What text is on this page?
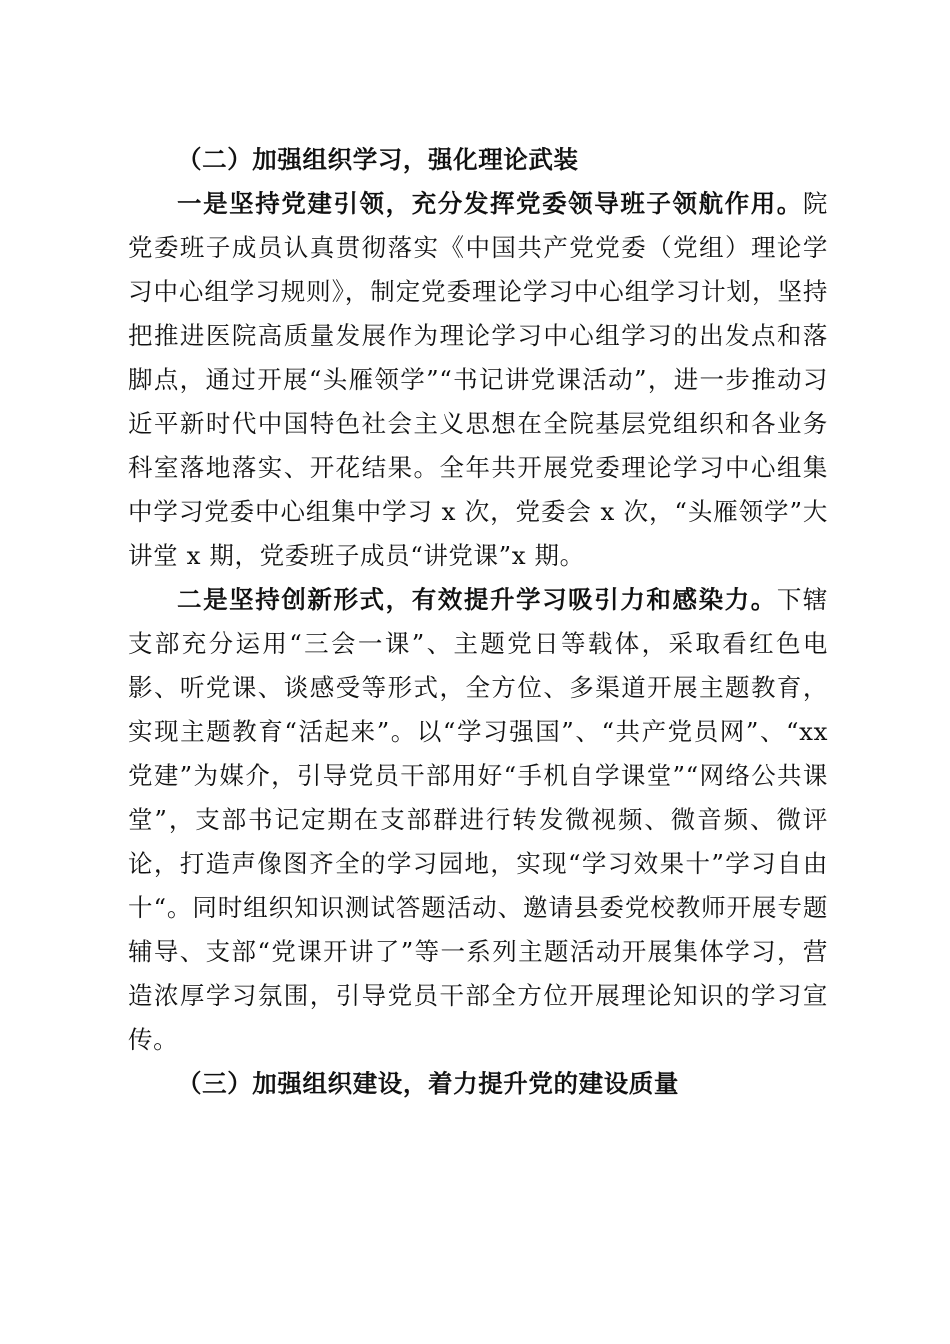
（二）加强组织学习，强化理论武装

一是坚持党建引领，充分发挥党委领导班子领航作用。院党委班子成员认真贯彻落实《中国共产党党委（党组）理论学习中心组学习规则》，制定党委理论学习中心组学习计划，坚持把推进医院高质量发展作为理论学习中心组学习的出发点和落脚点，通过开展“头雁领学”“书记讲党课活动”，进一步推动习近平新时代中国特色社会主义思想在全院基层党组织和各业务科室落地落实、开花结果。全年共开展党委理论学习中心组集中学习党委中心组集中学习 x 次，党委会 x 次，“头雁领学”大讲堂 x 期，党委班子成员“讲党课”x 期。

二是坚持创新形式，有效提升学习吸引力和感染力。下辖支部充分运用“三会一课”、主题党日等载体，采取看红色电影、听党课、谈感受等形式，全方位、多渠道开展主题教育，实现主题教育“活起来”。以“学习强国”、“共产党员网”、“xx 党建”为媒介，引导党员干部用好“手机自学课堂”“网络公共课堂”，支部书记定期在支部群进行转发微视频、微音频、微评论，打造声像图齐全的学习园地，实现“学习效果十”学习自由十“。同时组织知识测试答题活动、邀请县委党校教师开展专题辅导、支部“党课开讲了”等一系列主题活动开展集体学习，营造浓厚学习氛围，引导党员干部全方位开展理论知识的学习宣传。

（三）加强组织建设，着力提升党的建设质量
